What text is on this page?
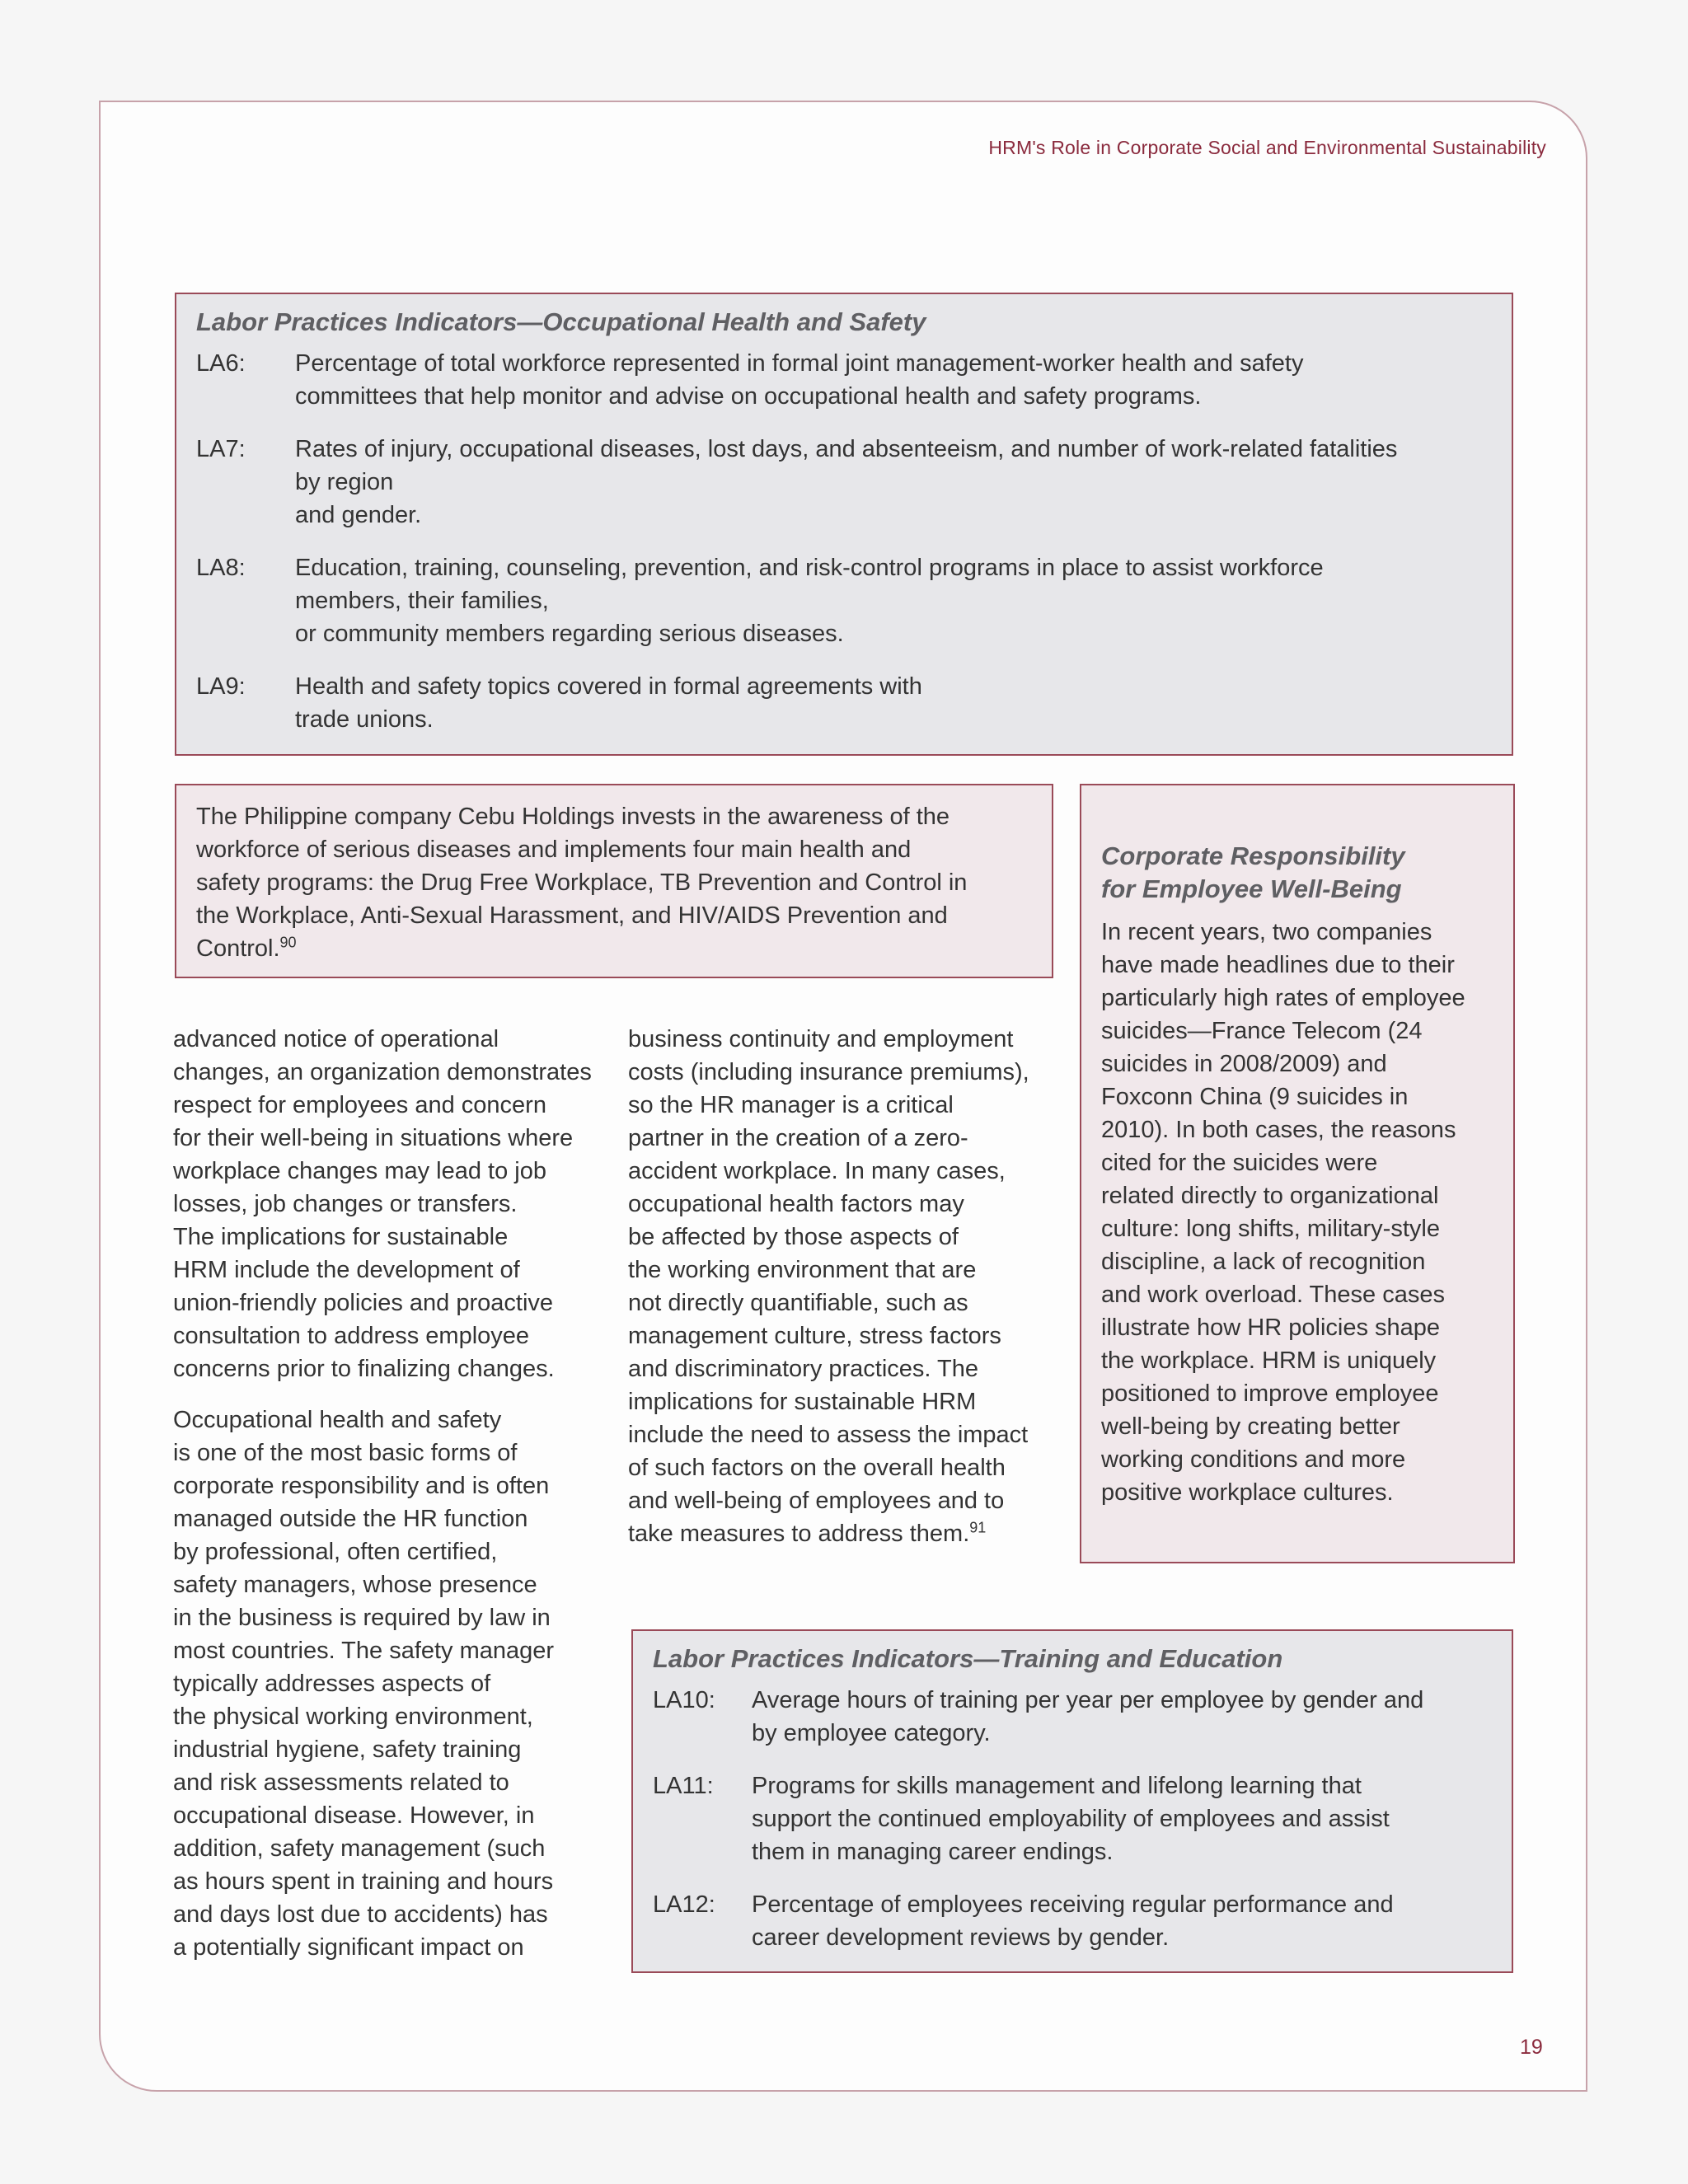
HRM's Role in Corporate Social and Environmental Sustainability
Labor Practices Indicators—Occupational Health and Safety
LA6:	Percentage of total workforce represented in formal joint management-worker health and safety
committees that help monitor and advise on occupational health and safety programs.
LA7:	Rates of injury, occupational diseases, lost days, and absenteeism, and number of work-related fatalities
by region
and gender.
LA8:	Education, training, counseling, prevention, and risk-control programs in place to assist workforce
members, their families,
or community members regarding serious diseases.
LA9:	Health and safety topics covered in formal agreements with
trade unions.
The Philippine company Cebu Holdings invests in the awareness of the
workforce of serious diseases and implements four main health and
safety programs: the Drug Free Workplace, TB Prevention and Control in
the Workplace, Anti-Sexual Harassment, and HIV/AIDS Prevention and
Control.$^{90}$
Corporate Responsibility
for Employee Well-Being
In recent years, two companies
have made headlines due to their
particularly high rates of employee
suicides—France Telecom (24
suicides in 2008/2009) and
Foxconn China (9 suicides in
2010). In both cases, the reasons
cited for the suicides were
related directly to organizational
culture: long shifts, military-style
discipline, a lack of recognition
and work overload. These cases
illustrate how HR policies shape
the workplace. HRM is uniquely
positioned to improve employee
well-being by creating better
working conditions and more
positive workplace cultures.

advanced notice of operational
changes, an organization demonstrates
respect for employees and concern
for their well-being in situations where
workplace changes may lead to job
losses, job changes or transfers.
The implications for sustainable
HRM include the development of
union-friendly policies and proactive
consultation to address employee
concerns prior to finalizing changes.

Occupational health and safety
is one of the most basic forms of
corporate responsibility and is often
managed outside the HR function
by professional, often certified,
safety managers, whose presence
in the business is required by law in
most countries. The safety manager
typically addresses aspects of
the physical working environment,
industrial hygiene, safety training
and risk assessments related to
occupational disease. However, in
addition, safety management (such
as hours spent in training and hours
and days lost due to accidents) has
a potentially significant impact on

business continuity and employment
costs (including insurance premiums),
so the HR manager is a critical
partner in the creation of a zero-
accident workplace. In many cases,
occupational health factors may
be affected by those aspects of
the working environment that are
not directly quantifiable, such as
management culture, stress factors
and discriminatory practices. The
implications for sustainable HRM
include the need to assess the impact
of such factors on the overall health
and well-being of employees and to
take measures to address them.$^{91}$

Labor Practices Indicators—Training and Education
LA10:	Average hours of training per year per employee by gender and
by employee category.
LA11:	Programs for skills management and lifelong learning that
support the continued employability of employees and assist
them in managing career endings.
LA12:	Percentage of employees receiving regular performance and
career development reviews by gender.
19
